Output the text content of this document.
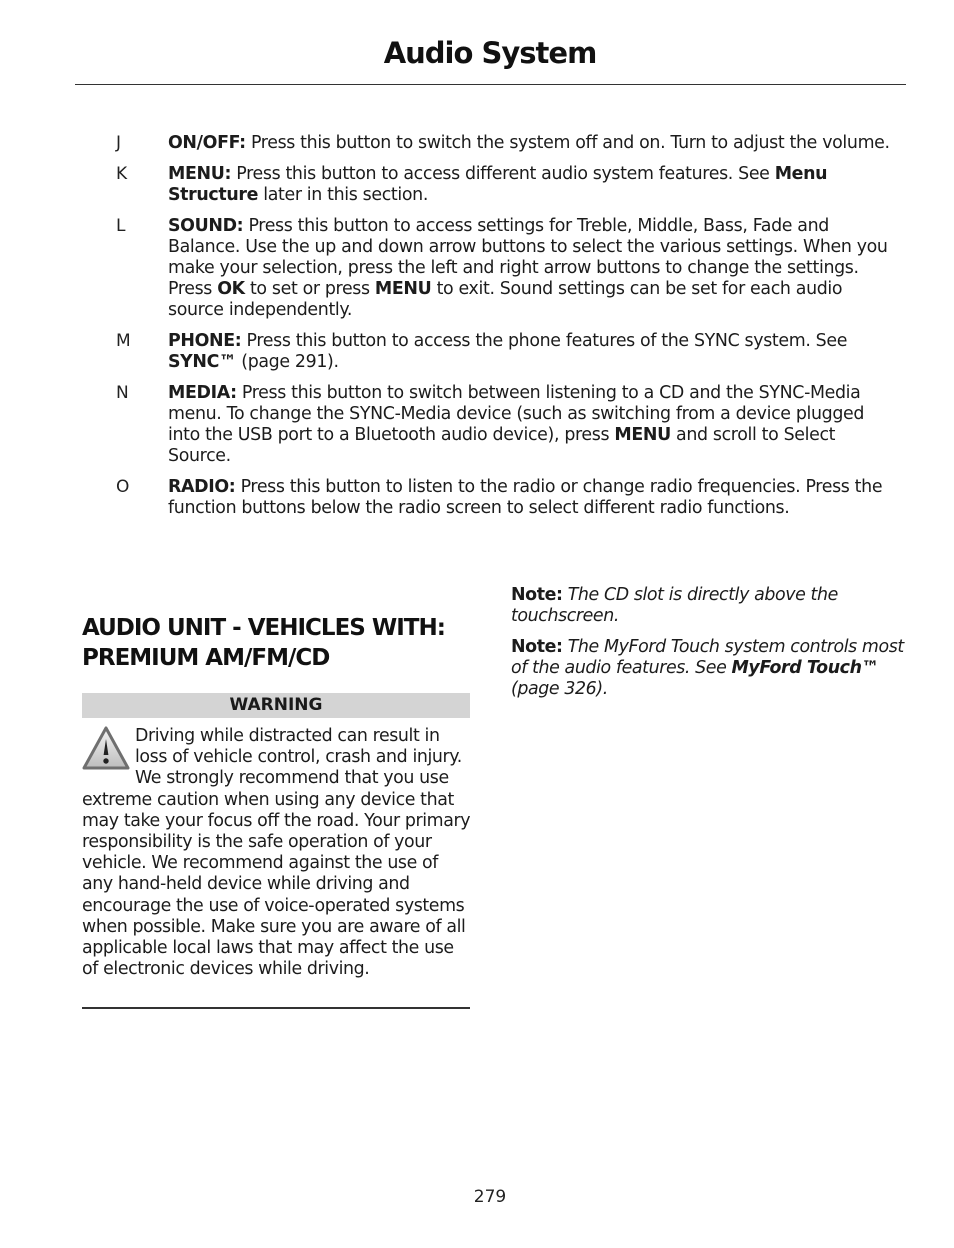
Audio System
J	ON/OFF: Press this button to switch the system off and on. Turn to adjust the volume.
K	MENU: Press this button to access different audio system features. See Menu Structure later in this section.
L	SOUND: Press this button to access settings for Treble, Middle, Bass, Fade and Balance. Use the up and down arrow buttons to select the various settings. When you make your selection, press the left and right arrow buttons to change the settings. Press OK to set or press MENU to exit. Sound settings can be set for each audio source independently.
M	PHONE: Press this button to access the phone features of the SYNC system. See SYNC™ (page 291).
N	MEDIA: Press this button to switch between listening to a CD and the SYNC-Media menu. To change the SYNC-Media device (such as switching from a device plugged into the USB port to a Bluetooth audio device), press MENU and scroll to Select Source.
O	RADIO: Press this button to listen to the radio or change radio frequencies. Press the function buttons below the radio screen to select different radio functions.
AUDIO UNIT - VEHICLES WITH: PREMIUM AM/FM/CD
WARNING
Driving while distracted can result in loss of vehicle control, crash and injury. We strongly recommend that you use extreme caution when using any device that may take your focus off the road. Your primary responsibility is the safe operation of your vehicle. We recommend against the use of any hand-held device while driving and encourage the use of voice-operated systems when possible. Make sure you are aware of all applicable local laws that may affect the use of electronic devices while driving.
Note: The CD slot is directly above the touchscreen.
Note: The MyFord Touch system controls most of the audio features. See MyFord Touch™ (page 326).
279
